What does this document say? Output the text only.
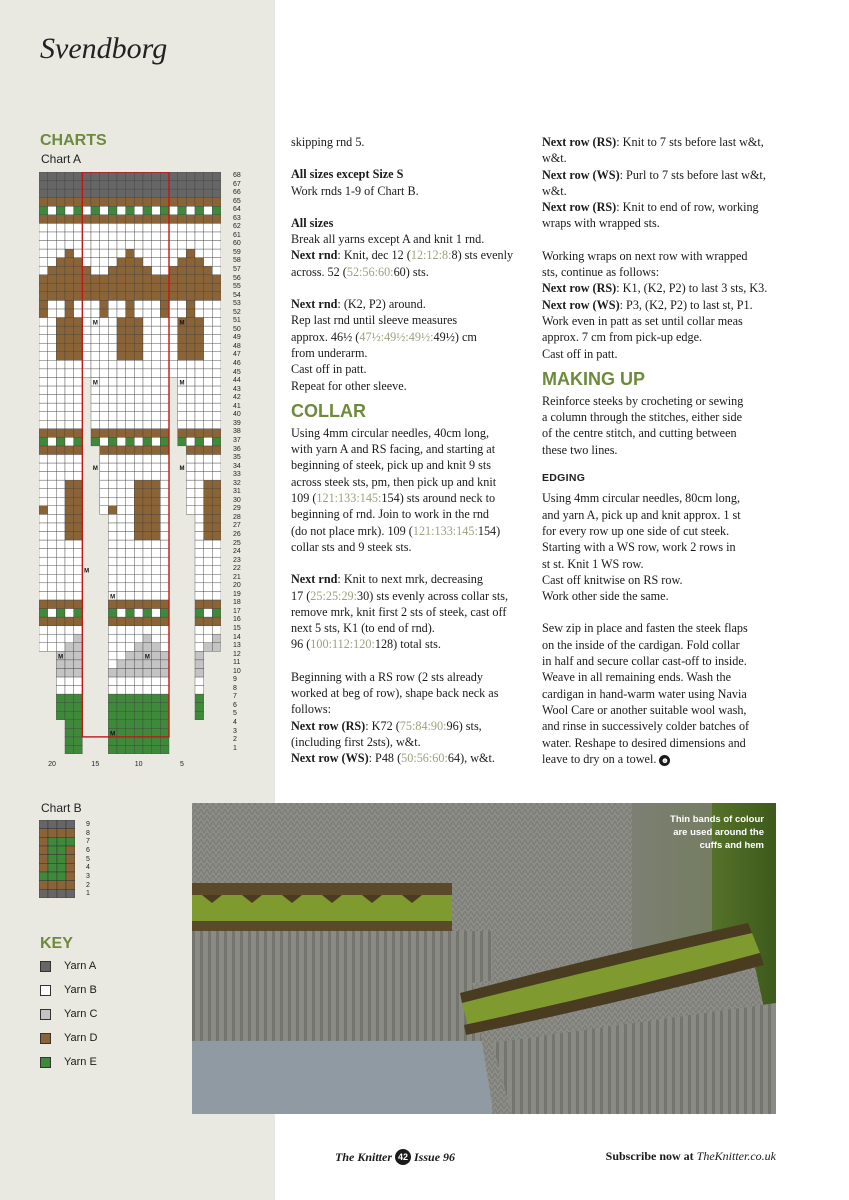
Svendborg
CHARTS
Chart A
M	M
M	M
M	M
M
M
M	M
M
68
67
66
65
64
63
62
61
60
59
58
57
56
55
54
53
52
51
50
49
48
47
46
45
44
43
42
41
40
39
38
37
36
35
34
33
32
31
30
29
28
27
26
25
24
23
22
21
20
19
18
17
16
15
14
13
12
11
10
9
8
7
6
5
4
3
2
1
20	15	10	5
Chart B
9
8
7
6
5
4
3
2
1
KEY
Yarn A
Yarn B
Yarn C
Yarn D
Yarn E

skipping rnd 5.

All sizes except Size S
Work rnds 1-9 of Chart B.

All sizes
Break all yarns except A and knit 1 rnd.
Next rnd: Knit, dec 12 (12:12:8:8) sts evenly
across. 52 (52:56:60:60) sts.

Next rnd: (K2, P2) around.
Rep last rnd until sleeve measures
approx. 46½ (47½:49½:49½:49½) cm
from underarm.
Cast off in patt.
Repeat for other sleeve.

COLLAR

Using 4mm circular needles, 40cm long,
with yarn A and RS facing, and starting at
beginning of steek, pick up and knit 9 sts
across steek sts, pm, then pick up and knit
109 (121:133:145:154) sts around neck to
beginning of rnd. Join to work in the rnd
(do not place mrk). 109 (121:133:145:154)
collar sts and 9 steek sts.

Next rnd: Knit to next mrk, decreasing
17 (25:25:29:30) sts evenly across collar sts,
remove mrk, knit first 2 sts of steek, cast off
next 5 sts, K1 (to end of rnd).
96 (100:112:120:128) total sts.

Beginning with a RS row (2 sts already
worked at beg of row), shape back neck as
follows:
Next row (RS): K72 (75:84:90:96) sts,
(including first 2sts), w&t.
Next row (WS): P48 (50:56:60:64), w&t.

Next row (RS): Knit to 7 sts before last w&t,
w&t.
Next row (WS): Purl to 7 sts before last w&t,
w&t.
Next row (RS): Knit to end of row, working
wraps with wrapped sts.

Working wraps on next row with wrapped
sts, continue as follows:
Next row (RS): K1, (K2, P2) to last 3 sts, K3.
Next row (WS): P3, (K2, P2) to last st, P1.
Work even in patt as set until collar meas
approx. 7 cm from pick-up edge.
Cast off in patt.

MAKING UP

Reinforce steeks by crocheting or sewing
a column through the stitches, either side
of the centre stitch, and cutting between
these two lines.

EDGING

Using 4mm circular needles, 80cm long,
and yarn A, pick up and knit approx. 1 st
for every row up one side of cut steek.
Starting with a WS row, work 2 rows in
st st. Knit 1 WS row.
Cast off knitwise on RS row.
Work other side the same.

Sew zip in place and fasten the steek flaps
on the inside of the cardigan. Fold collar
in half and secure collar cast-off to inside.
Weave in all remaining ends. Wash the
cardigan in hand-warm water using Navia
Wool Care or another suitable wool wash,
and rinse in successively colder batches of
water. Reshape to desired dimensions and
leave to dry on a towel. ☻

Thin bands of colour
are used around the
cuffs and hem
The Knitter 42 Issue 96	Subscribe now at TheKnitter.co.uk
